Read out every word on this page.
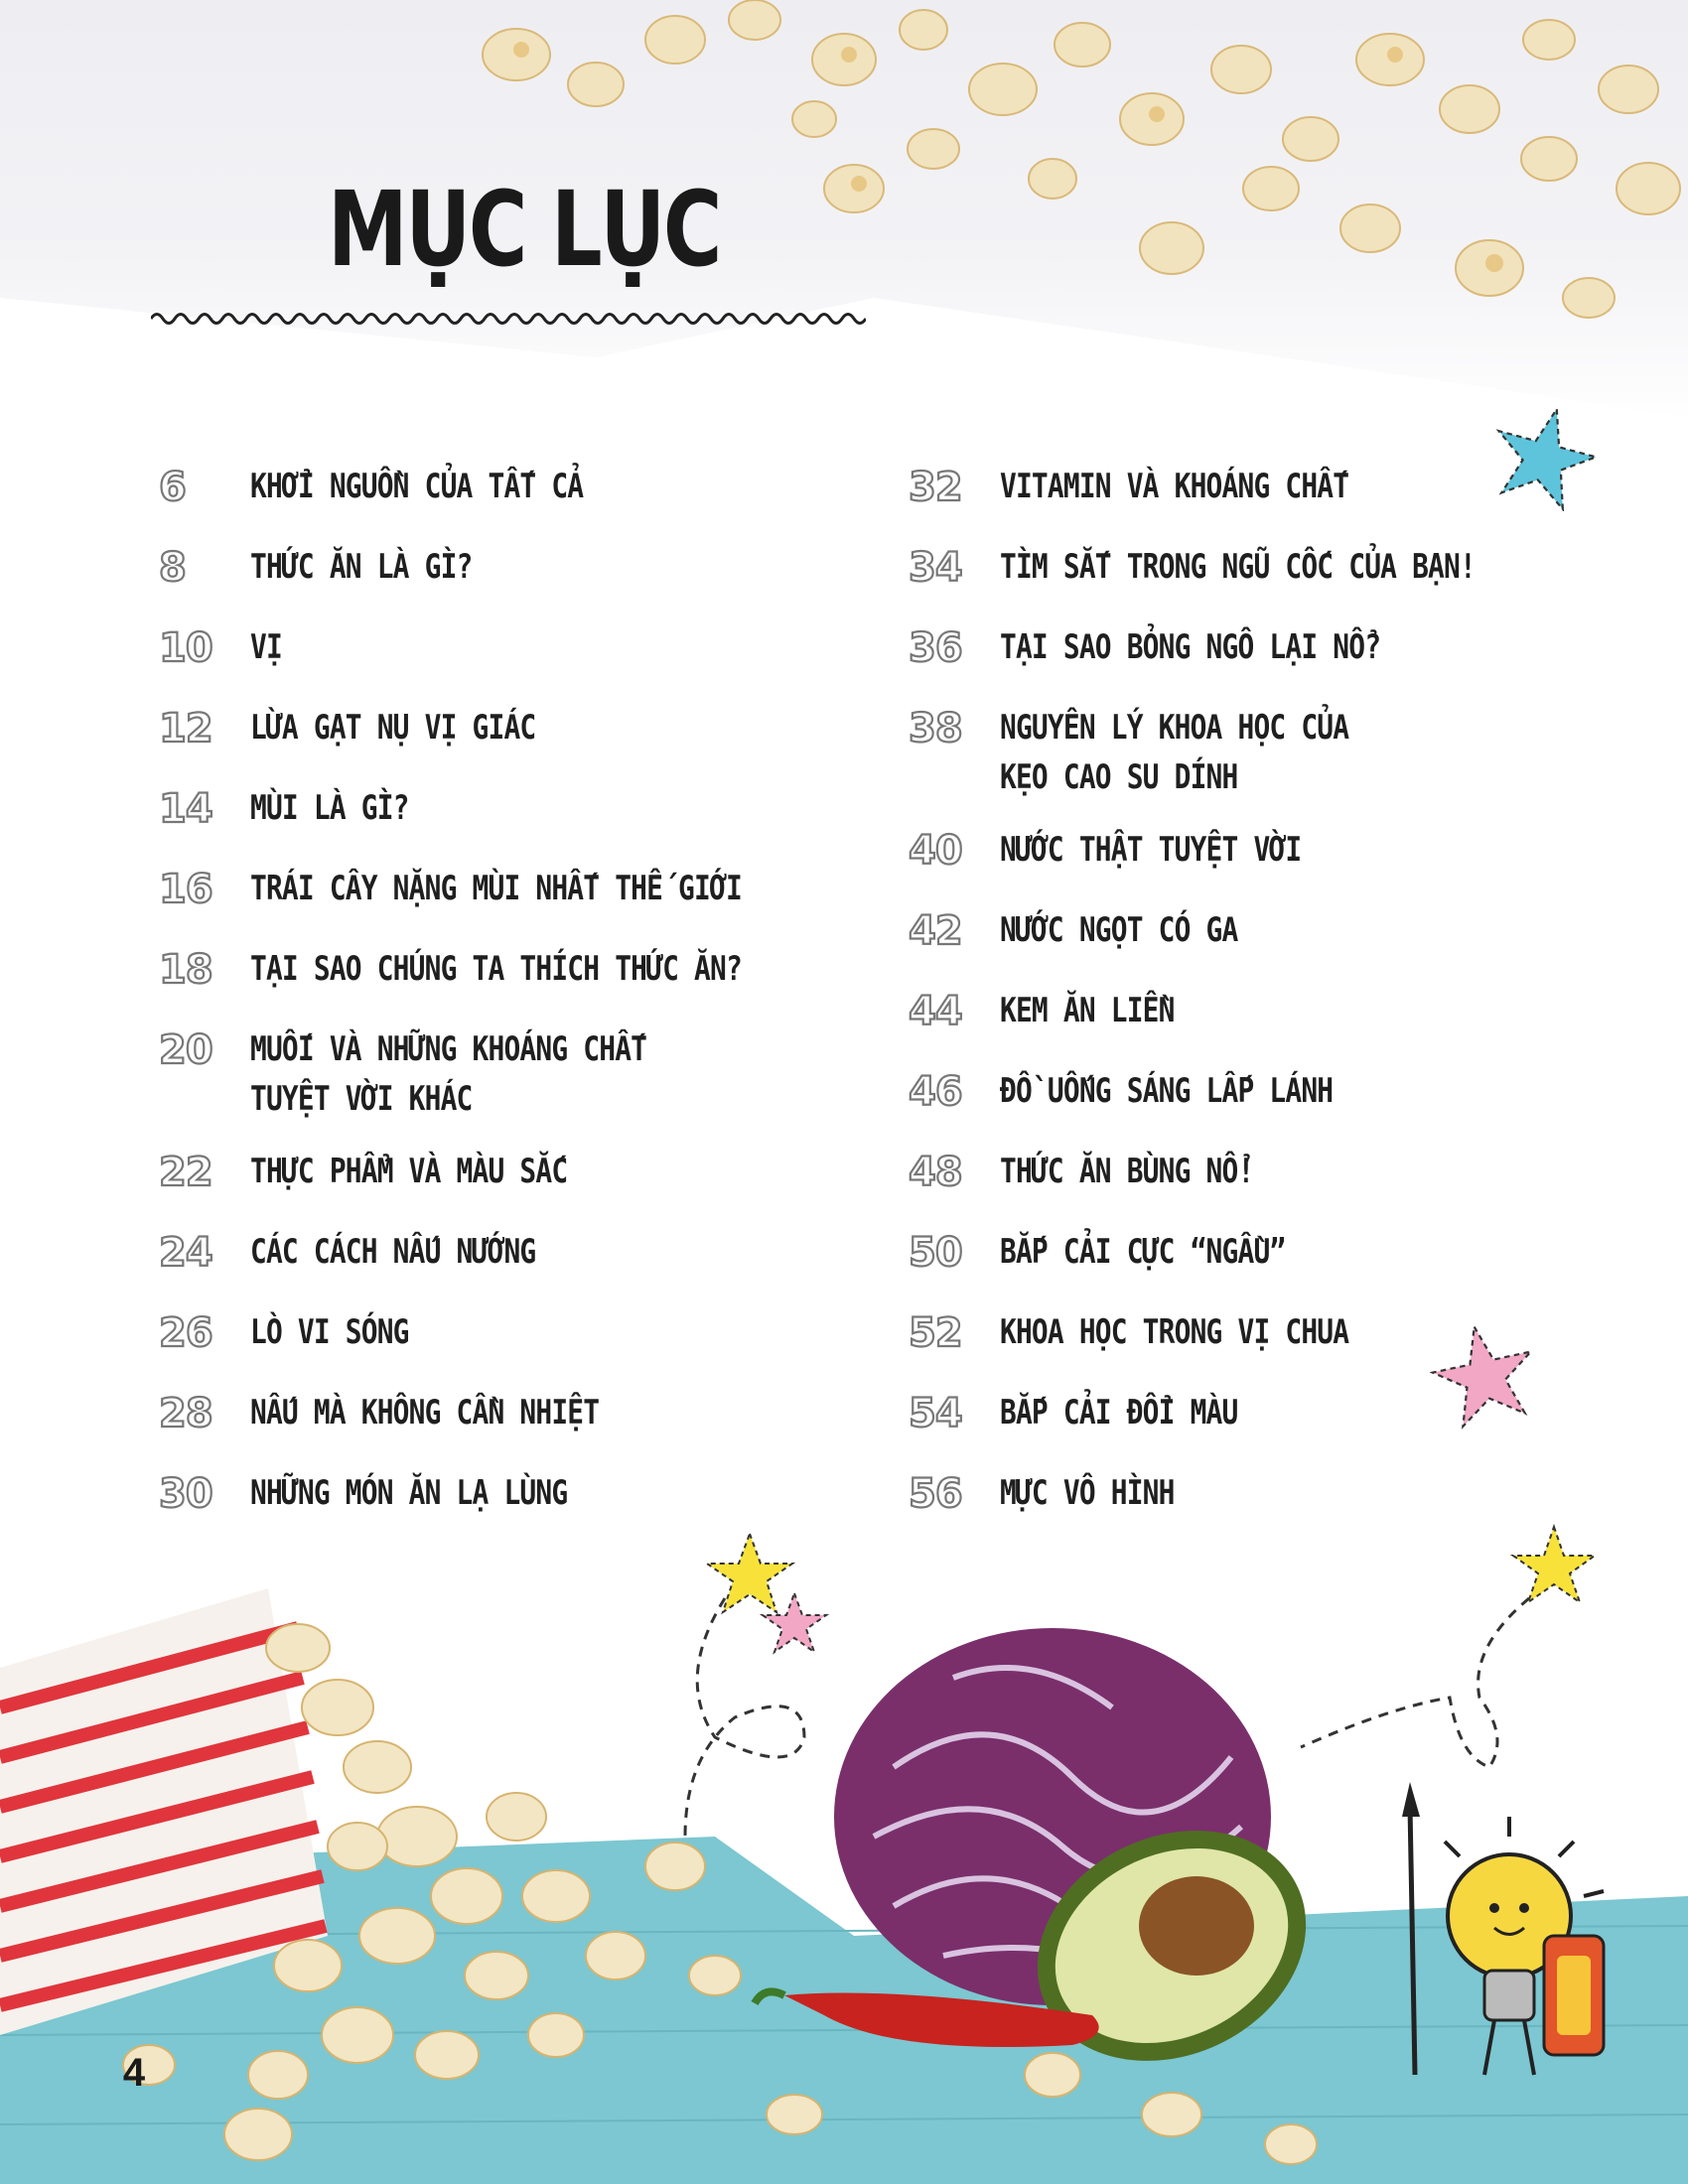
MỤC LỤC
6	KHỞI NGUỒN CỦA TẤT CẢ
8	THỨC ĂN LÀ GÌ?
10	VỊ
12	LỪA GẠT NỤ VỊ GIÁC
14	MÙI LÀ GÌ?
16	TRÁI CÂY NẶNG MÙI NHẤT THẾ GIỚI
18	TẠI SAO CHÚNG TA THÍCH THỨC ĂN?
20	MUỐI VÀ NHỮNG KHOÁNG CHẤT
TUYỆT VỜI KHÁC
22	THỰC PHẨM VÀ MÀU SẮC
24	CÁC CÁCH NẤU NƯỚNG
26	LÒ VI SÓNG
28	NẤU MÀ KHÔNG CẦN NHIỆT
30	NHỮNG MÓN ĂN LẠ LÙNG
32	VITAMIN VÀ KHOÁNG CHẤT
34	TÌM SẮT TRONG NGŨ CỐC CỦA BẠN!
36	TẠI SAO BỎNG NGÔ LẠI NỔ?
38	NGUYÊN LÝ KHOA HỌC CỦA
KẸO CAO SU DÍNH
40	NƯỚC THẬT TUYỆT VỜI
42	NƯỚC NGỌT CÓ GA
44	KEM ĂN LIỀN
46	ĐỒ UỐNG SÁNG LẤP LÁNH
48	THỨC ĂN BÙNG NỔ!
50	BẮP CẢI CỰC “NGẦU”
52	KHOA HỌC TRONG VỊ CHUA
54	BẮP CẢI ĐỔI MÀU
56	MỰC VÔ HÌNH
4
